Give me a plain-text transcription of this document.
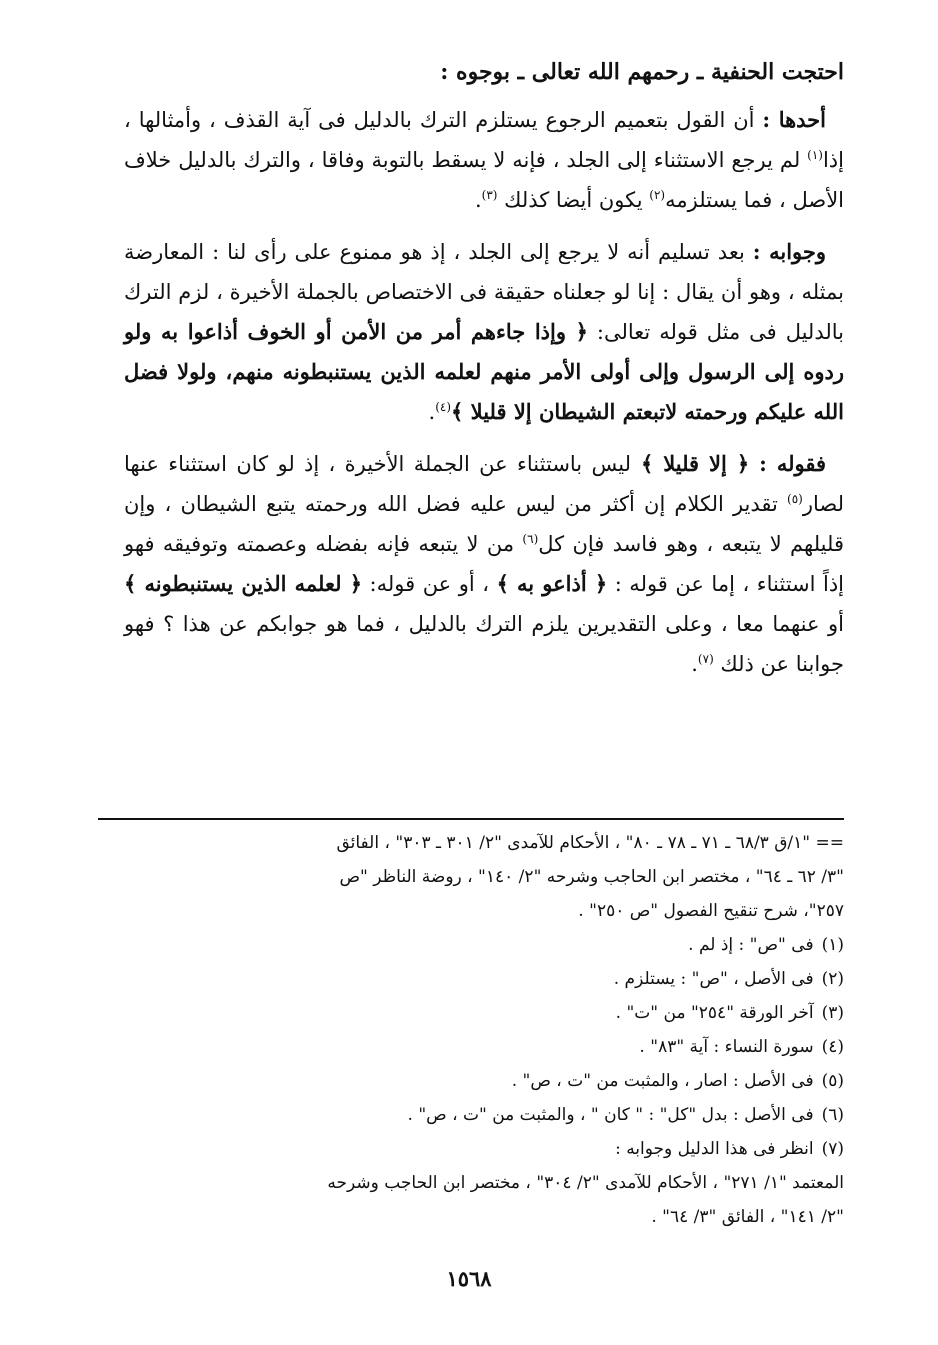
احتجت الحنفية ـ رحمهم الله تعالى ـ بوجوه :

أحدها : أن القول بتعميم الرجوع يستلزم الترك بالدليل فى آية القذف ، وأمثالها ، إذا$^{(١)}$ لم يرجع الاستثناء إلى الجلد ، فإنه لا يسقط بالتوبة وفاقا ، والترك بالدليل خلاف الأصل ، فما يستلزمه$^{(٢)}$ يكون أيضا كذلك $^{(٣)}$.

وجوابه : بعد تسليم أنه لا يرجع إلى الجلد ، إذ هو ممنوع على رأى لنا : المعارضة بمثله ، وهو أن يقال : إنا لو جعلناه حقيقة فى الاختصاص بالجملة الأخيرة ، لزم الترك بالدليل فى مثل قوله تعالى: ﴿ وإذا جاءهم أمر من الأمن أو الخوف أذاعوا به ولو ردوه إلى الرسول وإلى أولى الأمر منهم لعلمه الذين يستنبطونه منهم، ولولا فضل الله عليكم ورحمته لاتبعتم الشيطان إلا قليلا ﴾$^{(٤)}$.

فقوله : ﴿ إلا قليلا ﴾ ليس باستثناء عن الجملة الأخيرة ، إذ لو كان استثناء عنها لصار$^{(٥)}$ تقدير الكلام إن أكثر من ليس عليه فضل الله ورحمته يتبع الشيطان ، وإن قليلهم لا يتبعه ، وهو فاسد فإن كل$^{(٦)}$ من لا يتبعه فإنه بفضله وعصمته وتوفيقه فهو إذاً استثناء ، إما عن قوله : ﴿ أذاعو به ﴾ ، أو عن قوله: ﴿ لعلمه الذين يستنبطونه ﴾ أو عنهما معا ، وعلى التقديرين يلزم الترك بالدليل ، فما هو جوابكم عن هذا ؟ فهو جوابنا عن ذلك $^{(٧)}$.

== "١/ق ٦٨/٣ ـ ٧١ ـ ٧٨ ـ ٨٠" ، الأحكام للآمدى "٢/ ٣٠١ ـ ٣٠٣" ، الفائق
"٣/ ٦٢ ـ ٦٤" ، مختصر ابن الحاجب وشرحه "٢/ ١٤٠" ، روضة الناظر "ص
٢٥٧"، شرح تنقيح الفصول "ص ٢٥٠" .
(١)
فى "ص" : إذ لم .
(٢)
فى الأصل ، "ص" : يستلزم .
(٣)
آخر الورقة "٢٥٤" من "ت" .
(٤)
سورة النساء : آية "٨٣" .
(٥)
فى الأصل : اصار ، والمثبت من "ت ، ص" .
(٦)
فى الأصل : بدل "كل" : " كان " ، والمثبت من "ت ، ص" .
(٧)
انظر فى هذا الدليل وجوابه :
المعتمد "١/ ٢٧١" ، الأحكام للآمدى "٢/ ٣٠٤" ، مختصر ابن الحاجب وشرحه
"٢/ ١٤١" ، الفائق "٣/ ٦٤" .
١٥٦٨
